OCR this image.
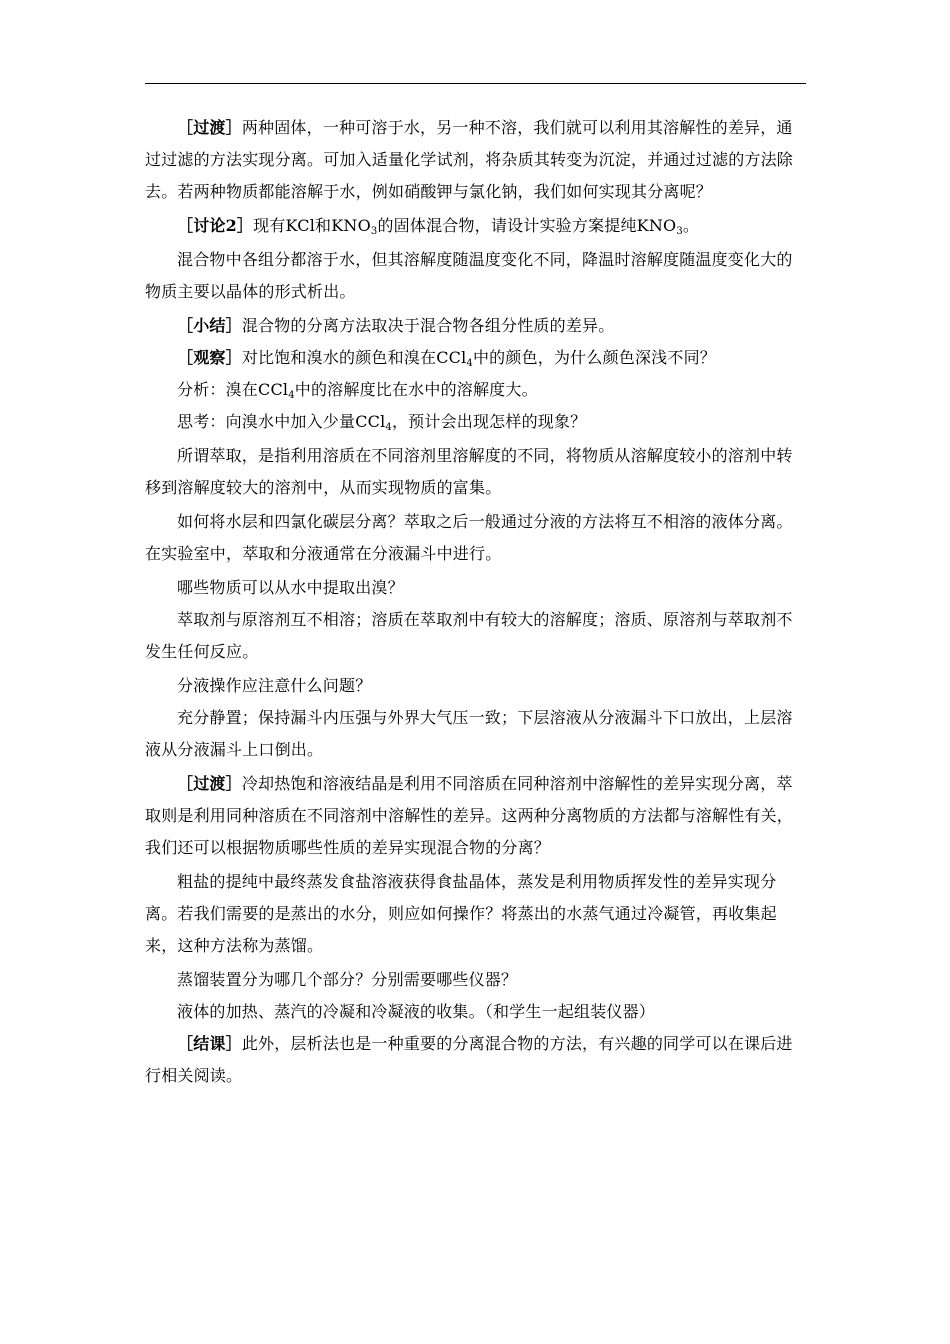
［过渡］两种固体，一种可溶于水，另一种不溶，我们就可以利用其溶解性的差异，通过过滤的方法实现分离。可加入适量化学试剂，将杂质其转变为沉淀，并通过过滤的方法除去。若两种物质都能溶解于水，例如硝酸钾与氯化钠，我们如何实现其分离呢？

［讨论2］现有KCl和$KNO_3$的固体混合物，请设计实验方案提纯$KNO_3$。

混合物中各组分都溶于水，但其溶解度随温度变化不同，降温时溶解度随温度变化大的物质主要以晶体的形式析出。

［小结］混合物的分离方法取决于混合物各组分性质的差异。

［观察］对比饱和溴水的颜色和溴在CCl$_4$中的颜色，为什么颜色深浅不同？

分析：溴在CCl$_4$中的溶解度比在水中的溶解度大。

思考：向溴水中加入少量CCl$_4$，预计会出现怎样的现象？

所谓萃取，是指利用溶质在不同溶剂里溶解度的不同，将物质从溶解度较小的溶剂中转移到溶解度较大的溶剂中，从而实现物质的富集。

如何将水层和四氯化碳层分离？萃取之后一般通过分液的方法将互不相溶的液体分离。在实验室中，萃取和分液通常在分液漏斗中进行。

哪些物质可以从水中提取出溴？

萃取剂与原溶剂互不相溶；溶质在萃取剂中有较大的溶解度；溶质、原溶剂与萃取剂不发生任何反应。

分液操作应注意什么问题？

充分静置；保持漏斗内压强与外界大气压一致；下层溶液从分液漏斗下口放出，上层溶液从分液漏斗上口倒出。

［过渡］冷却热饱和溶液结晶是利用不同溶质在同种溶剂中溶解性的差异实现分离，萃取则是利用同种溶质在不同溶剂中溶解性的差异。这两种分离物质的方法都与溶解性有关，我们还可以根据物质哪些性质的差异实现混合物的分离？

粗盐的提纯中最终蒸发食盐溶液获得食盐晶体，蒸发是利用物质挥发性的差异实现分离。若我们需要的是蒸出的水分，则应如何操作？将蒸出的水蒸气通过冷凝管，再收集起来，这种方法称为蒸馏。

蒸馏装置分为哪几个部分？分别需要哪些仪器？

液体的加热、蒸汽的冷凝和冷凝液的收集。（和学生一起组装仪器）

［结课］此外，层析法也是一种重要的分离混合物的方法，有兴趣的同学可以在课后进行相关阅读。
